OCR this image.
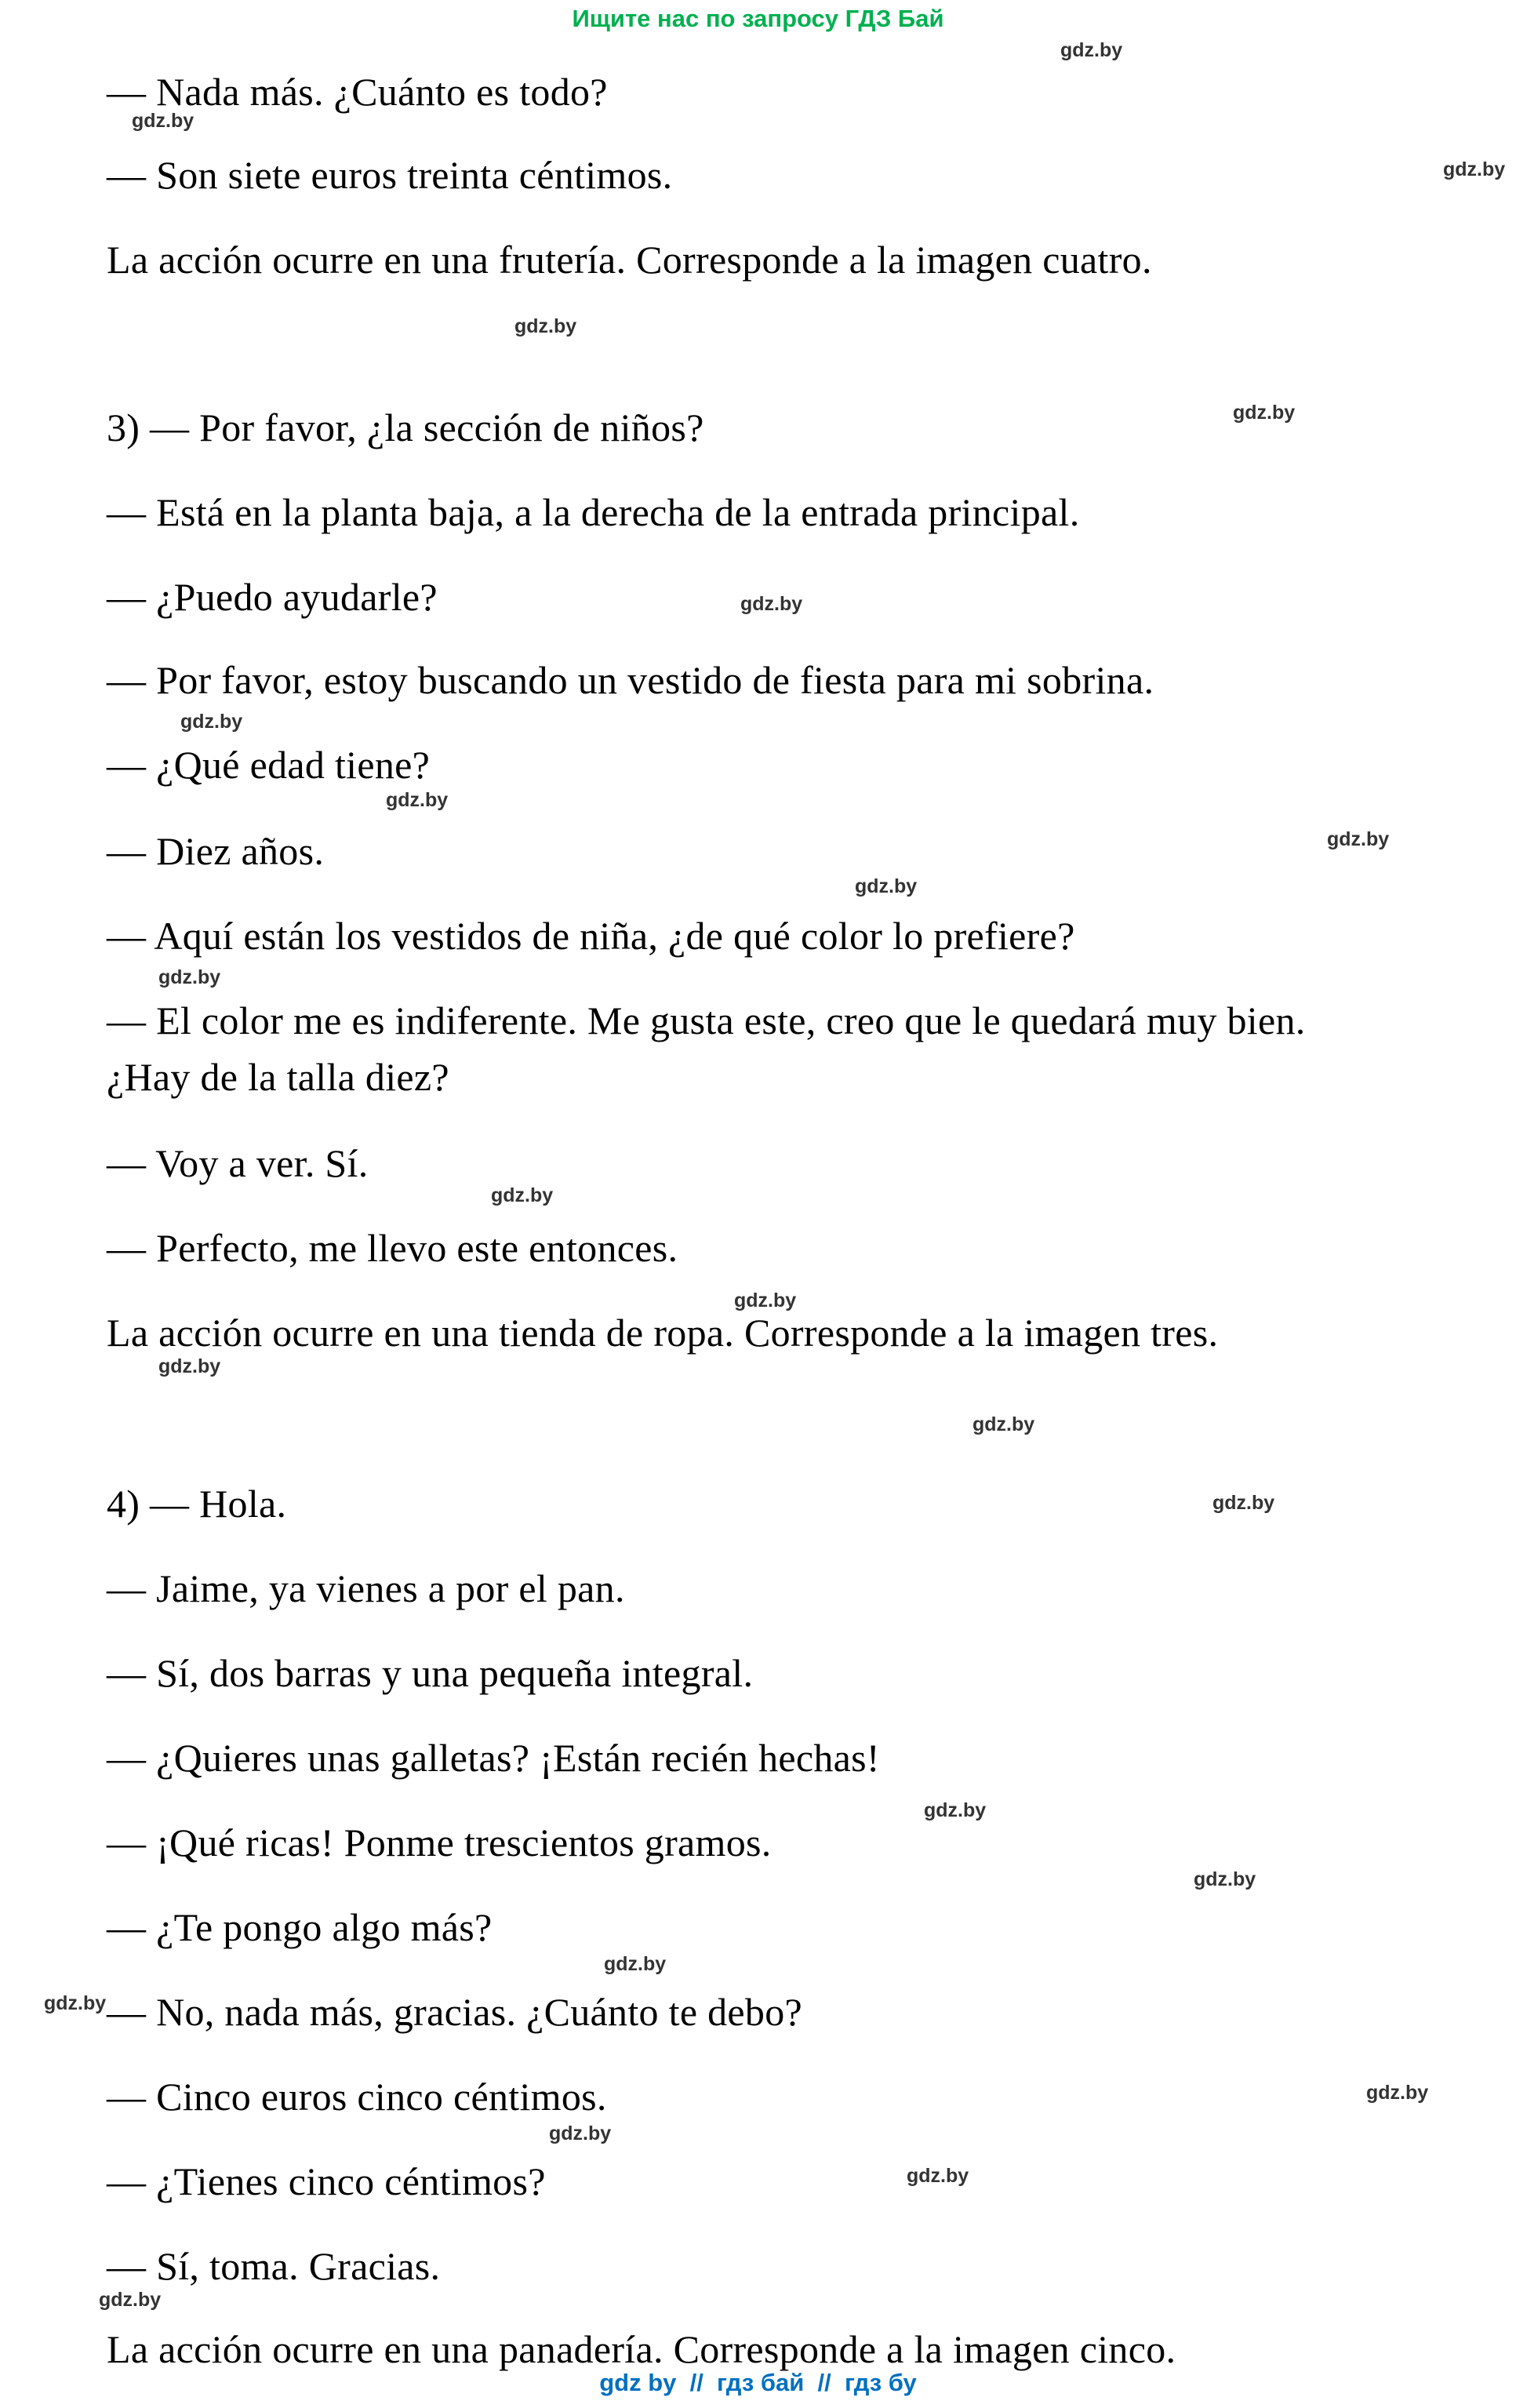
Ищите нас по запросу ГДЗ Бай
— Nada más. ¿Cuánto es todo?
— Son siete euros treinta céntimos.
La acción ocurre en una frutería. Corresponde a la imagen cuatro.
3) — Por favor, ¿la sección de niños?
— Está en la planta baja, a la derecha de la entrada principal.
— ¿Puedo ayudarle?
— Por favor, estoy buscando un vestido de fiesta para mi sobrina.
— ¿Qué edad tiene?
— Diez años.
— Aquí están los vestidos de niña, ¿de qué color lo prefiere?
— El color me es indiferente. Me gusta este, creo que le quedará muy bien.
¿Hay de la talla diez?
— Voy a ver. Sí.
— Perfecto, me llevo este entonces.
La acción ocurre en una tienda de ropa. Corresponde a la imagen tres.
4) — Hola.
— Jaime, ya vienes a por el pan.
— Sí, dos barras y una pequeña integral.
— ¿Quieres unas galletas? ¡Están recién hechas!
— ¡Qué ricas! Ponme trescientos gramos.
— ¿Te pongo algo más?
— No, nada más, gracias. ¿Cuánto te debo?
— Cinco euros cinco céntimos.
— ¿Tienes cinco céntimos?
— Sí, toma. Gracias.
La acción ocurre en una panadería. Corresponde a la imagen cinco.
gdz.by
gdz.by
gdz.by
gdz.by
gdz.by
gdz.by
gdz.by
gdz.by
gdz.by
gdz.by
gdz.by
gdz.by
gdz.by
gdz.by
gdz.by
gdz.by
gdz.by
gdz.by
gdz.by
gdz.by
gdz.by
gdz.by
gdz.by
gdz.by
gdz by  //  гдз бай  //  гдз бу
